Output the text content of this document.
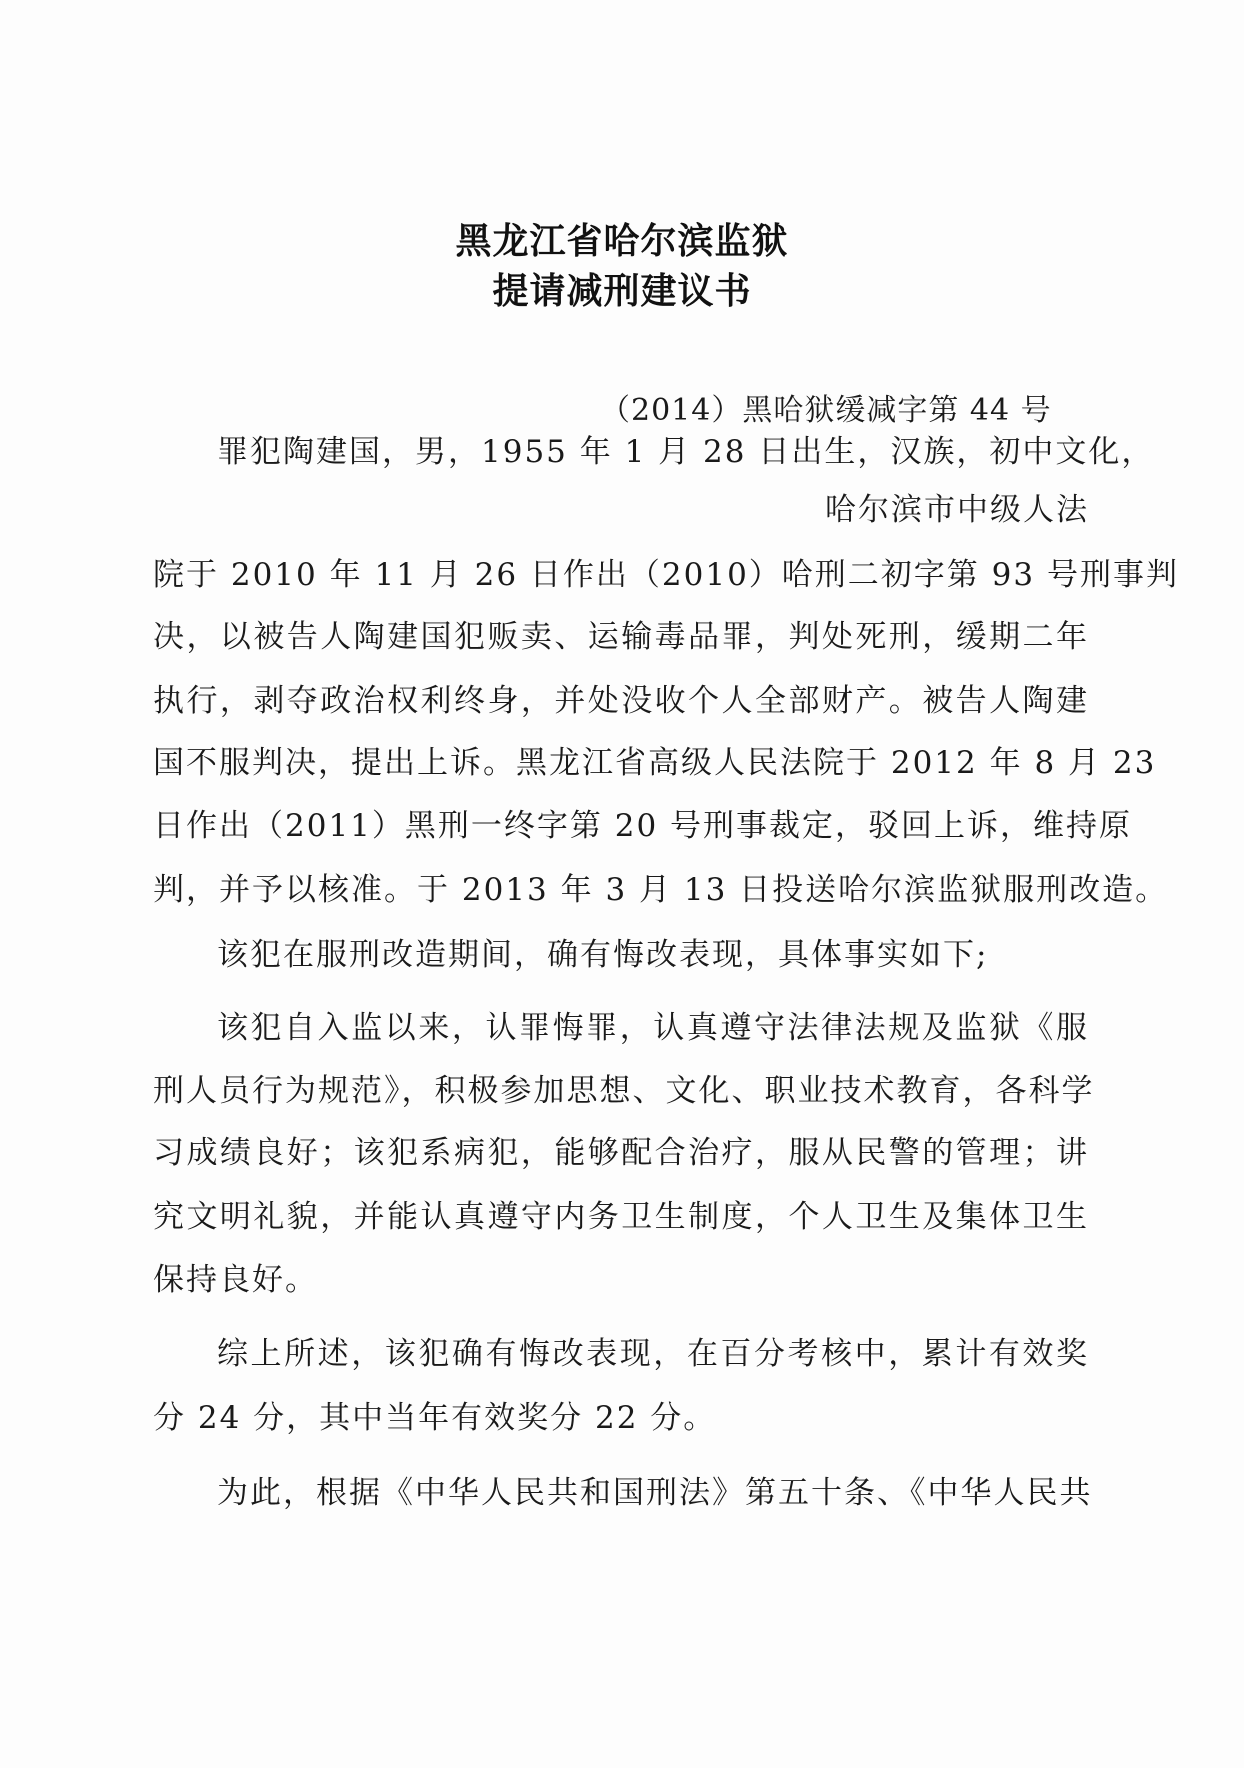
黑龙江省哈尔滨监狱
提请减刑建议书
（2014）黑哈狱缓减字第 44 号
罪犯陶建国，男，1955 年 1 月 28 日出生，汉族，初中文化，
哈尔滨市中级人法
院于 2010 年 11 月 26 日作出（2010）哈刑二初字第 93 号刑事判
决，以被告人陶建国犯贩卖、运输毒品罪，判处死刑，缓期二年
执行，剥夺政治权利终身，并处没收个人全部财产。被告人陶建
国不服判决，提出上诉。黑龙江省高级人民法院于 2012 年 8 月 23
日作出（2011）黑刑一终字第 20 号刑事裁定，驳回上诉，维持原
判，并予以核准。于 2013 年 3 月 13 日投送哈尔滨监狱服刑改造。
该犯在服刑改造期间，确有悔改表现，具体事实如下;
该犯自入监以来，认罪悔罪，认真遵守法律法规及监狱《服
刑人员行为规范》，积极参加思想、文化、职业技术教育，各科学
习成绩良好；该犯系病犯，能够配合治疗，服从民警的管理；讲
究文明礼貌，并能认真遵守内务卫生制度，个人卫生及集体卫生
保持良好。
综上所述，该犯确有悔改表现，在百分考核中，累计有效奖
分 24 分，其中当年有效奖分 22 分。
为此，根据《中华人民共和国刑法》第五十条、《中华人民共
